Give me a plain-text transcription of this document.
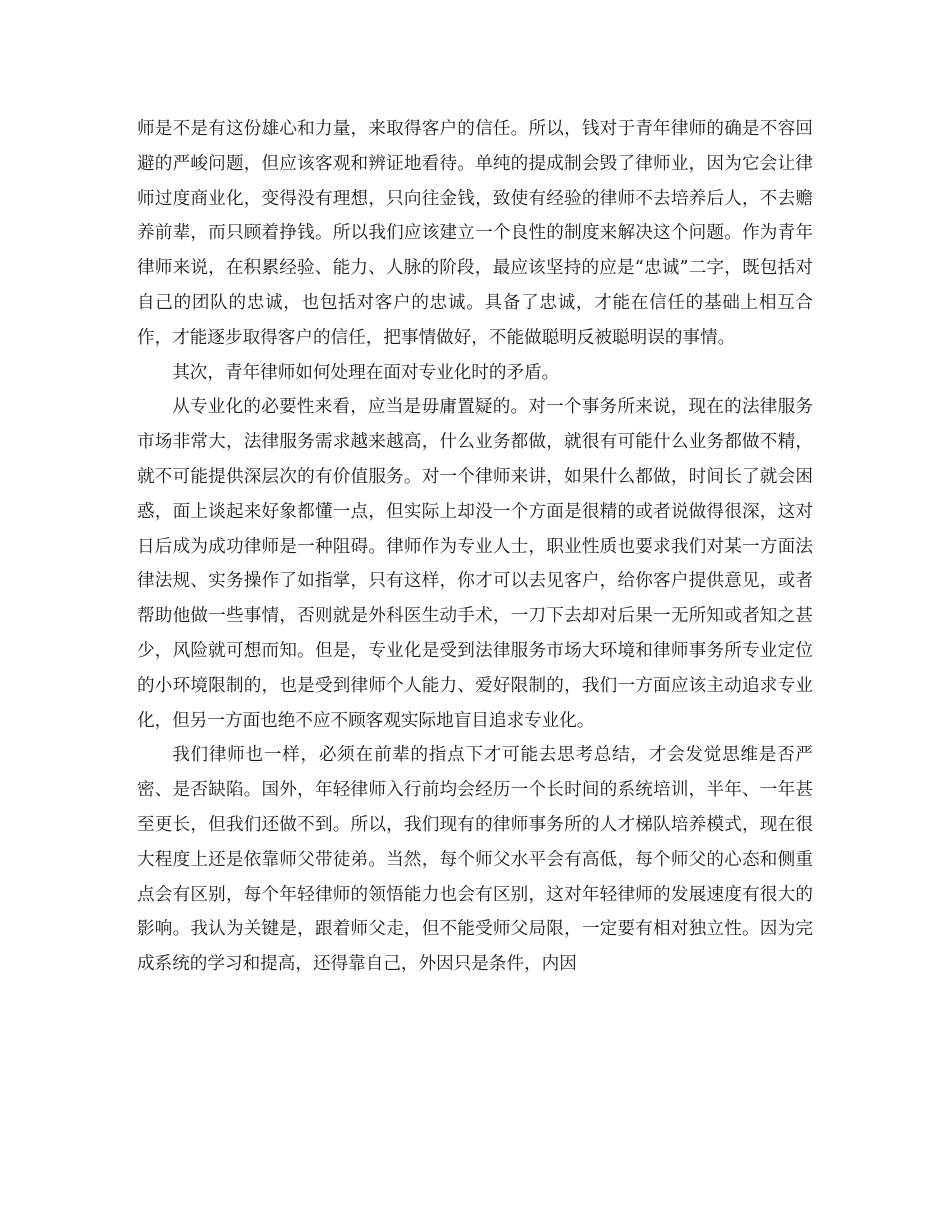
师是不是有这份雄心和力量，来取得客户的信任。所以，钱对于青年律师的确是不容回避的严峻问题，但应该客观和辨证地看待。单纯的提成制会毁了律师业，因为它会让律师过度商业化，变得没有理想，只向往金钱，致使有经验的律师不去培养后人，不去赡养前辈，而只顾着挣钱。所以我们应该建立一个良性的制度来解决这个问题。作为青年律师来说，在积累经验、能力、人脉的阶段，最应该坚持的应是“忠诚”二字，既包括对自己的团队的忠诚，也包括对客户的忠诚。具备了忠诚，才能在信任的基础上相互合作，才能逐步取得客户的信任，把事情做好，不能做聪明反被聪明误的事情。

其次，青年律师如何处理在面对专业化时的矛盾。

从专业化的必要性来看，应当是毋庸置疑的。对一个事务所来说，现在的法律服务市场非常大，法律服务需求越来越高，什么业务都做，就很有可能什么业务都做不精，就不可能提供深层次的有价值服务。对一个律师来讲，如果什么都做，时间长了就会困惑，面上谈起来好象都懂一点，但实际上却没一个方面是很精的或者说做得很深，这对日后成为成功律师是一种阻碍。律师作为专业人士，职业性质也要求我们对某一方面法律法规、实务操作了如指掌，只有这样，你才可以去见客户，给你客户提供意见，或者帮助他做一些事情，否则就是外科医生动手术，一刀下去却对后果一无所知或者知之甚少，风险就可想而知。但是，专业化是受到法律服务市场大环境和律师事务所专业定位的小环境限制的，也是受到律师个人能力、爱好限制的，我们一方面应该主动追求专业化，但另一方面也绝不应不顾客观实际地盲目追求专业化。

我们律师也一样，必须在前辈的指点下才可能去思考总结，才会发觉思维是否严密、是否缺陷。国外，年轻律师入行前均会经历一个长时间的系统培训，半年、一年甚至更长，但我们还做不到。所以，我们现有的律师事务所的人才梯队培养模式，现在很大程度上还是依靠师父带徒弟。当然，每个师父水平会有高低，每个师父的心态和侧重点会有区别，每个年轻律师的领悟能力也会有区别，这对年轻律师的发展速度有很大的影响。我认为关键是，跟着师父走，但不能受师父局限，一定要有相对独立性。因为完成系统的学习和提高，还得靠自己，外因只是条件，内因
